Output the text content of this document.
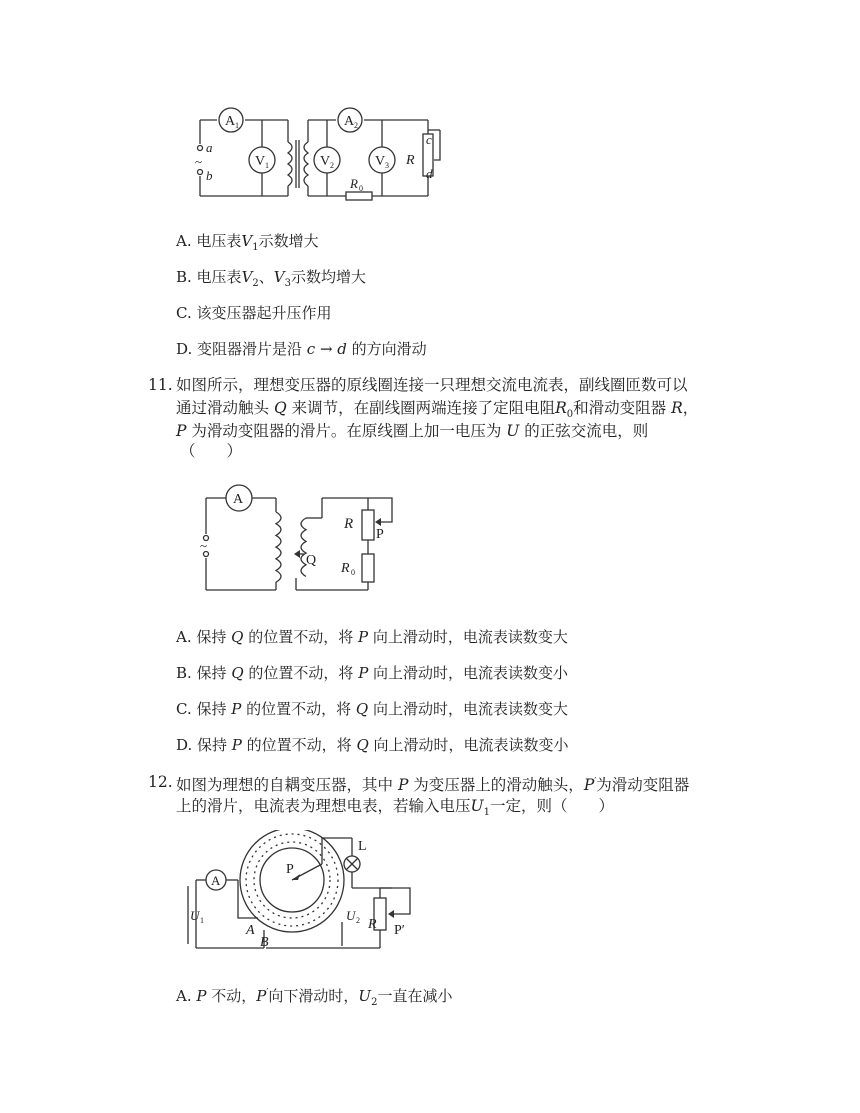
A 1	A 2
V 1	V 2	V 3 R
c
d
R 0
a
b
~
A. 电压表$V_1$示数增大
B. 电压表$V_2$、$V_3$示数均增大
C. 该变压器起升压作用
D. 变阻器滑片是沿 c → d 的方向滑动
11. 如图所示，理想变压器的原线圈连接一只理想交流电流表，副线圈匝数可以
通过滑动触头 Q 来调节，在副线圈两端连接了定阻电阻$R_0$和滑动变阻器 R，
P 为滑动变阻器的滑片。在原线圈上加一电压为 U 的正弦交流电，则
（　　）
A
R
P
Q
R 0
~
A. 保持 Q 的位置不动，将 P 向上滑动时，电流表读数变大
B. 保持 Q 的位置不动，将 P 向上滑动时，电流表读数变小
C. 保持 P 的位置不动，将 Q 向上滑动时，电流表读数变大
D. 保持 P 的位置不动，将 Q 向上滑动时，电流表读数变小
12. 如图为理想的自耦变压器，其中 P 为变压器上的滑动触头，P′为滑动变阻器
上的滑片，电流表为理想电表，若输入电压$U_1$一定，则（　　）
A
P
L
U 1	U 2 R P′
A
B
A. P 不动，P′向下滑动时，$U_2$一直在减小
